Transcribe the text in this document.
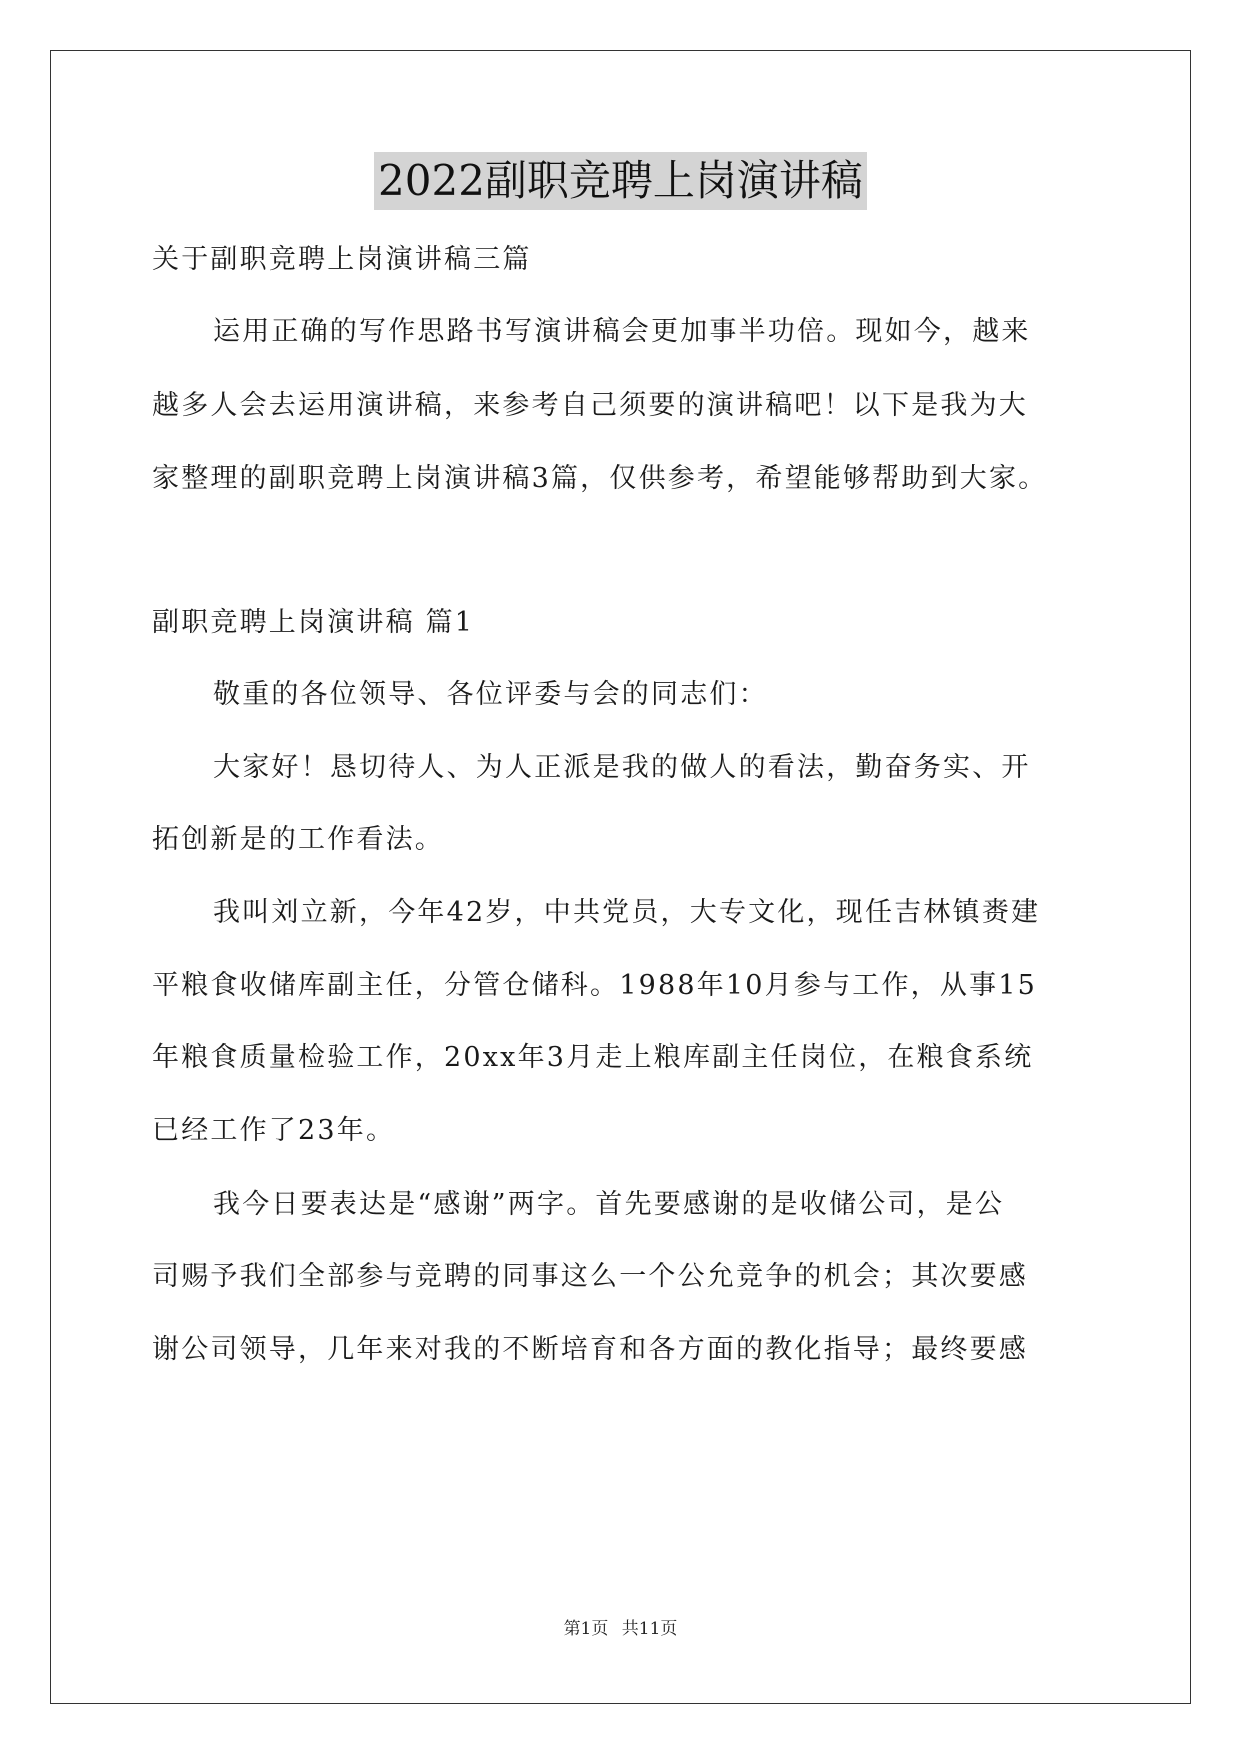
2022副职竞聘上岗演讲稿
关于副职竞聘上岗演讲稿三篇
运用正确的写作思路书写演讲稿会更加事半功倍。现如今，越来
越多人会去运用演讲稿，来参考自己须要的演讲稿吧！以下是我为大
家整理的副职竞聘上岗演讲稿3篇，仅供参考，希望能够帮助到大家。
副职竞聘上岗演讲稿 篇1
敬重的各位领导、各位评委与会的同志们：
大家好！恳切待人、为人正派是我的做人的看法，勤奋务实、开
拓创新是的工作看法。
我叫刘立新，今年42岁，中共党员，大专文化，现任吉林镇赉建
平粮食收储库副主任，分管仓储科。1988年10月参与工作，从事15
年粮食质量检验工作，20xx年3月走上粮库副主任岗位，在粮食系统
已经工作了23年。
我今日要表达是“感谢”两字。首先要感谢的是收储公司，是公
司赐予我们全部参与竞聘的同事这么一个公允竞争的机会；其次要感
谢公司领导，几年来对我的不断培育和各方面的教化指导；最终要感
第1页 共11页
